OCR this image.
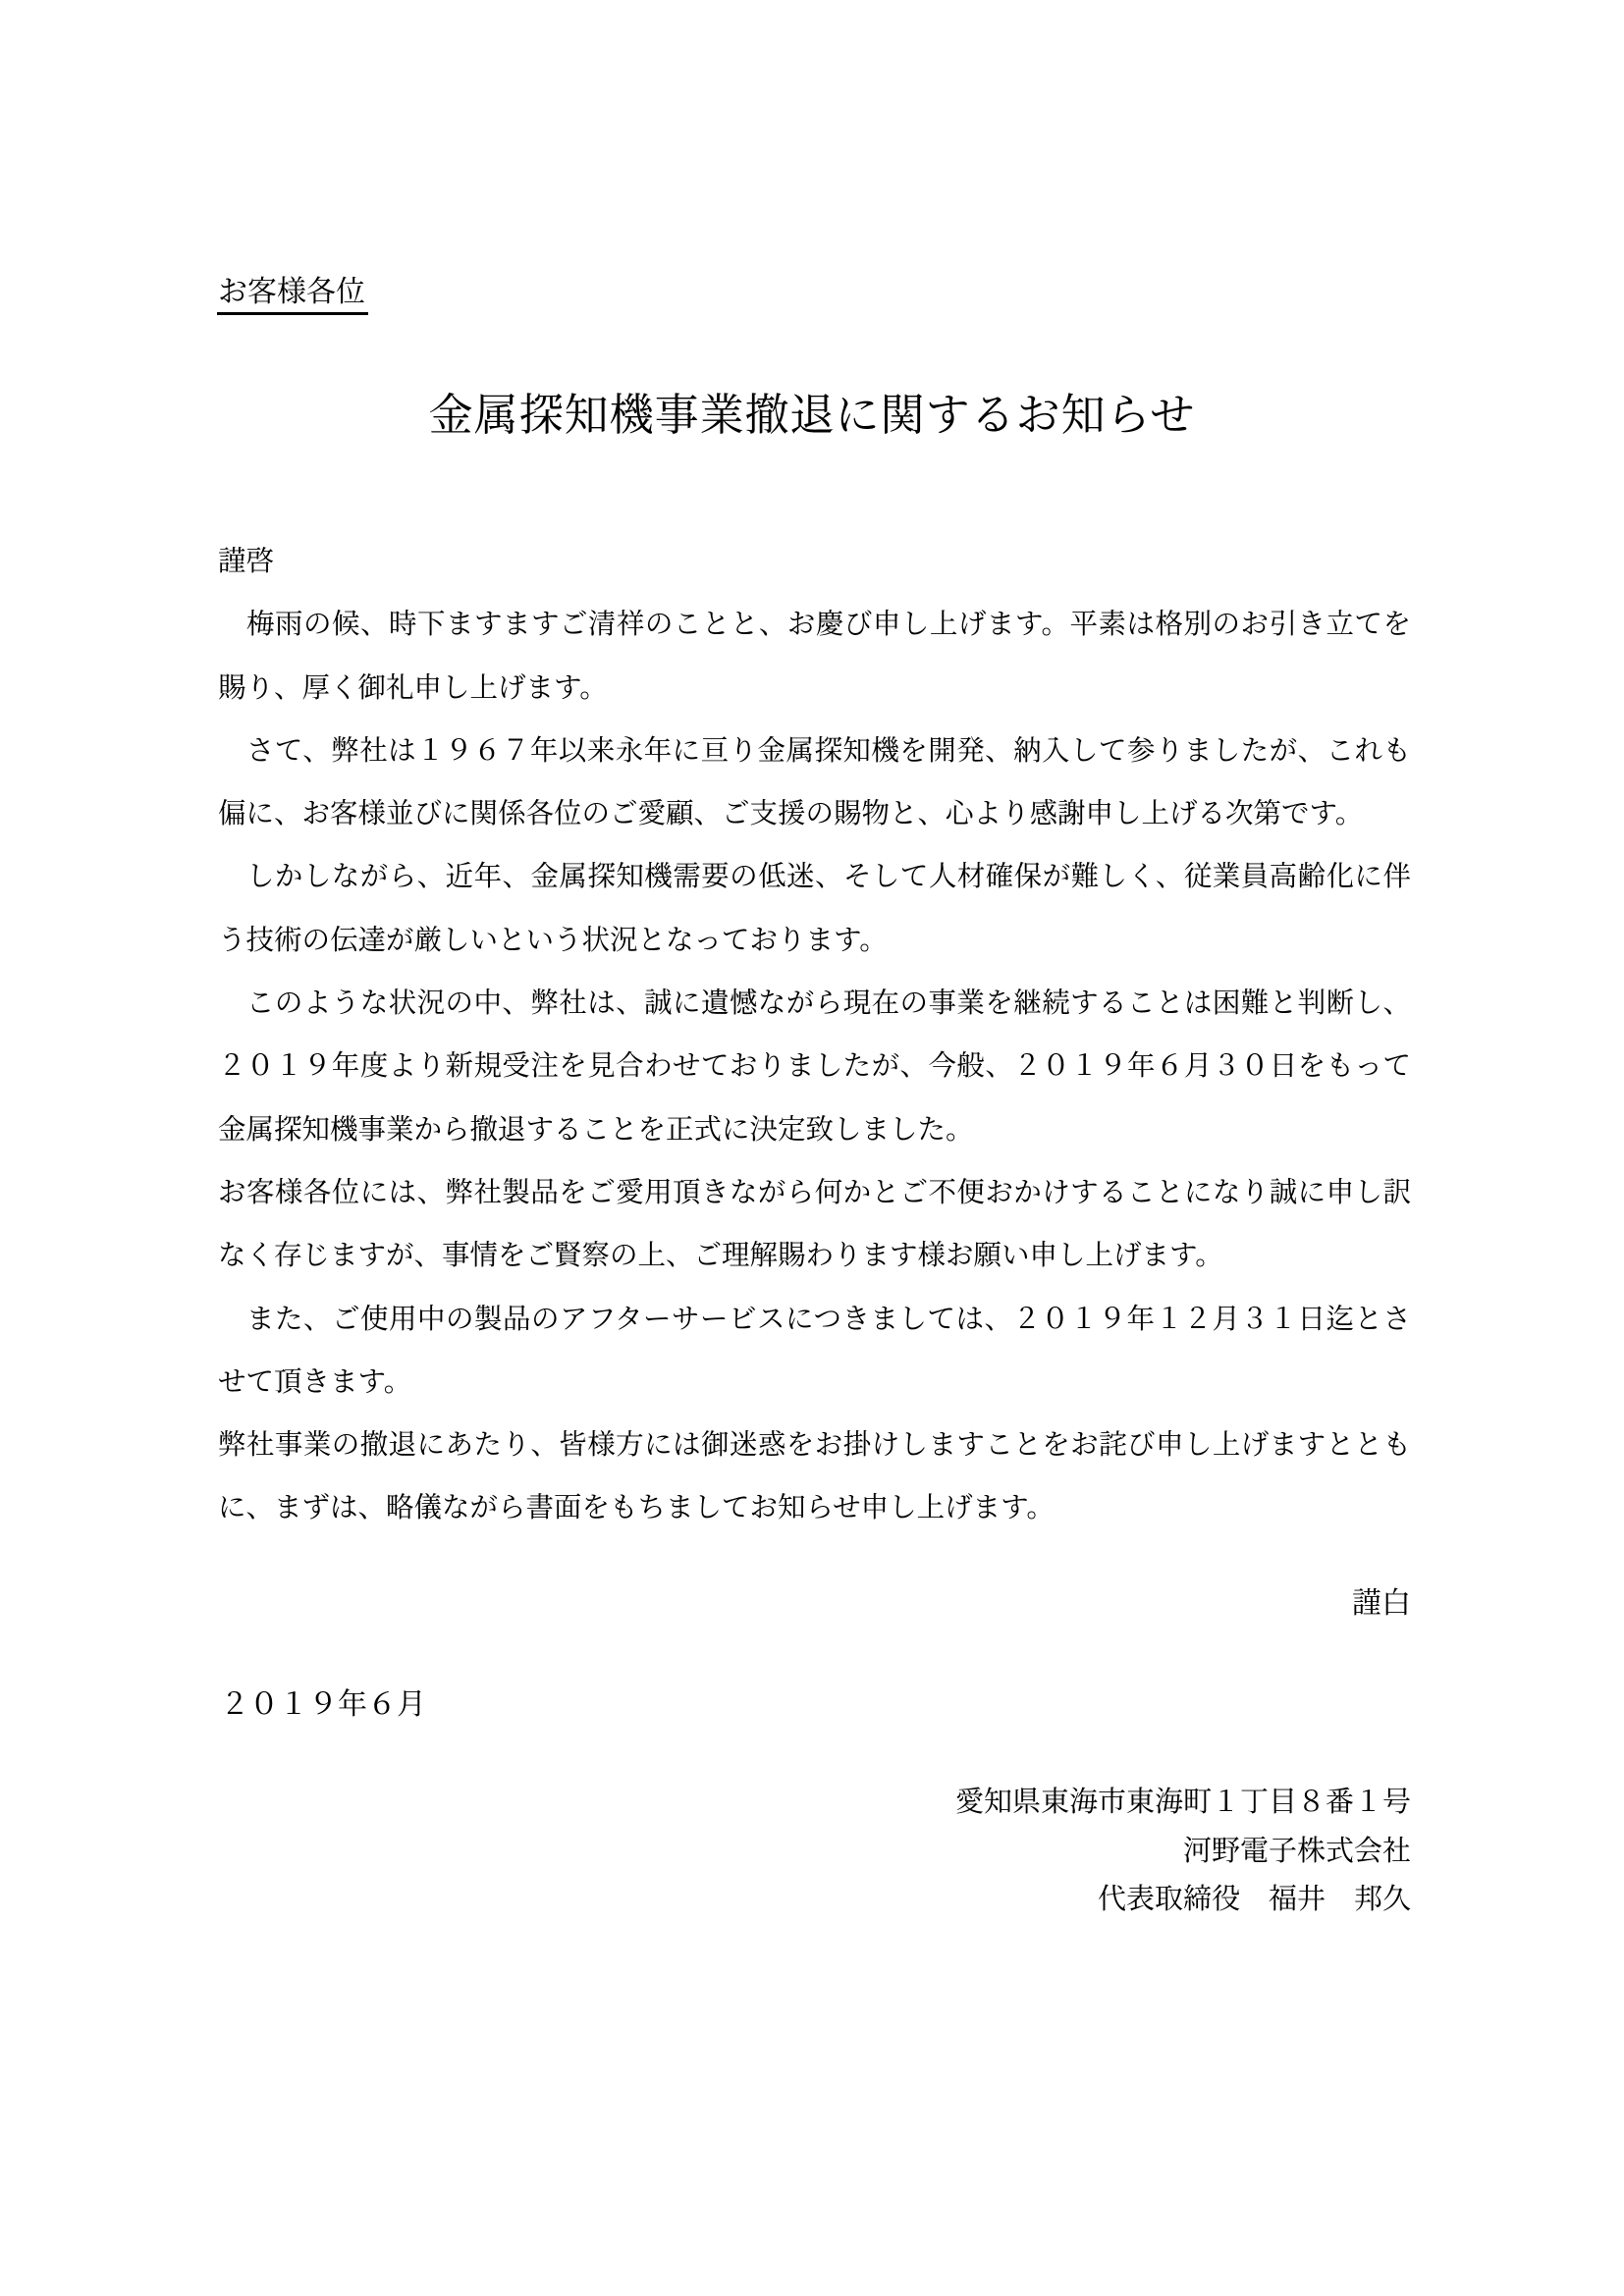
お客様各位
金属探知機事業撤退に関するお知らせ
謹啓
　梅雨の候、時下ますますご清祥のことと、お慶び申し上げます。平素は格別のお引き立てを
賜り、厚く御礼申し上げます。
　さて、弊社は１９６７年以来永年に亘り金属探知機を開発、納入して参りましたが、これも
偏に、お客様並びに関係各位のご愛顧、ご支援の賜物と、心より感謝申し上げる次第です。
　しかしながら、近年、金属探知機需要の低迷、そして人材確保が難しく、従業員高齢化に伴
う技術の伝達が厳しいという状況となっております。
　このような状況の中、弊社は、誠に遺憾ながら現在の事業を継続することは困難と判断し、
２０１９年度より新規受注を見合わせておりましたが、今般、２０１９年６月３０日をもって
金属探知機事業から撤退することを正式に決定致しました。
お客様各位には、弊社製品をご愛用頂きながら何かとご不便おかけすることになり誠に申し訳
なく存じますが、事情をご賢察の上、ご理解賜わります様お願い申し上げます。
　また、ご使用中の製品のアフターサービスにつきましては、２０１９年１２月３１日迄とさ
せて頂きます。
弊社事業の撤退にあたり、皆様方には御迷惑をお掛けしますことをお詫び申し上げますととも
に、まずは、略儀ながら書面をもちましてお知らせ申し上げます。
謹白
２０１９年６月
愛知県東海市東海町１丁目８番１号
河野電子株式会社
代表取締役　福井　邦久
